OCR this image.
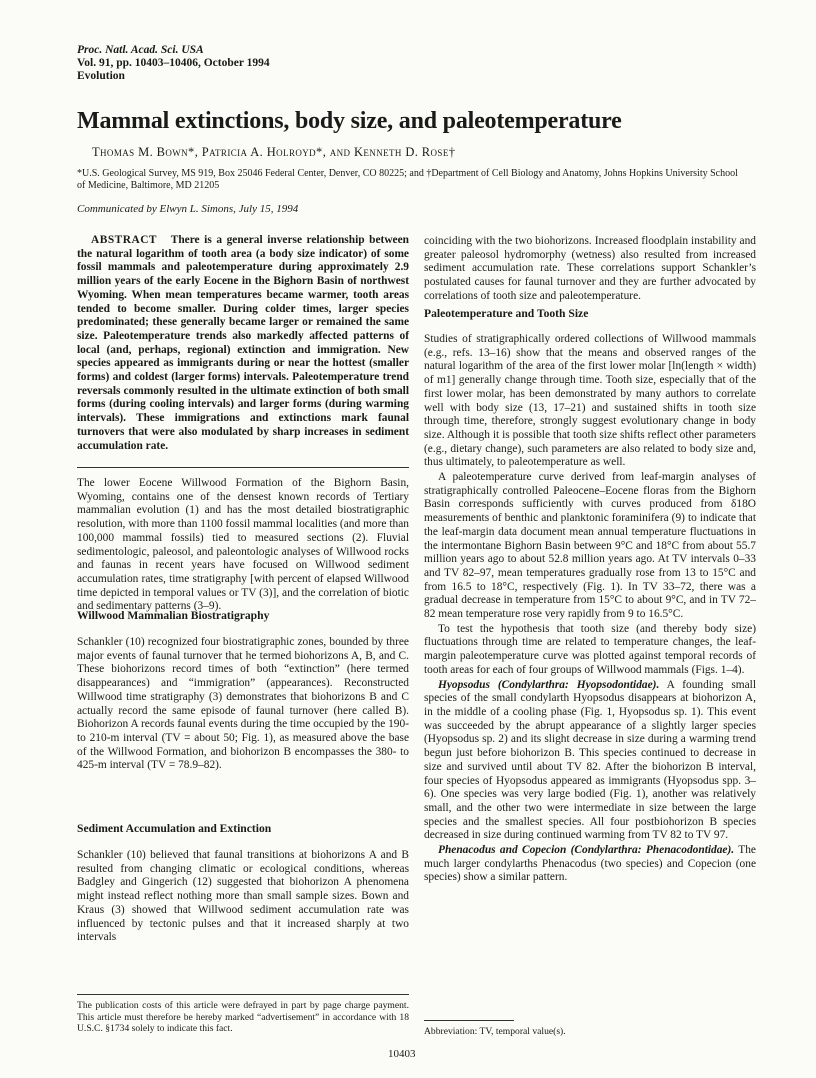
Proc. Natl. Acad. Sci. USA
Vol. 91, pp. 10403–10406, October 1994
Evolution
Mammal extinctions, body size, and paleotemperature
Thomas M. Bown*, Patricia A. Holroyd*, and Kenneth D. Rose†
*U.S. Geological Survey, MS 919, Box 25046 Federal Center, Denver, CO 80225; and †Department of Cell Biology and Anatomy, Johns Hopkins University School of Medicine, Baltimore, MD 21205
Communicated by Elwyn L. Simons, July 15, 1994

ABSTRACT There is a general inverse relationship between the natural logarithm of tooth area (a body size indicator) of some fossil mammals and paleotemperature during approximately 2.9 million years of the early Eocene in the Bighorn Basin of northwest Wyoming. When mean temperatures became warmer, tooth areas tended to become smaller. During colder times, larger species predominated; these generally became larger or remained the same size. Paleotemperature trends also markedly affected patterns of local (and, perhaps, regional) extinction and immigration. New species appeared as immigrants during or near the hottest (smaller forms) and coldest (larger forms) intervals. Paleotemperature trend reversals commonly resulted in the ultimate extinction of both small forms (during cooling intervals) and larger forms (during warming intervals). These immigrations and extinctions mark faunal turnovers that were also modulated by sharp increases in sediment accumulation rate.

The lower Eocene Willwood Formation of the Bighorn Basin, Wyoming, contains one of the densest known records of Tertiary mammalian evolution (1) and has the most detailed biostratigraphic resolution, with more than 1100 fossil mammal localities (and more than 100,000 mammal fossils) tied to measured sections (2). Fluvial sedimentologic, paleosol, and paleontologic analyses of Willwood rocks and faunas in recent years have focused on Willwood sediment accumulation rates, time stratigraphy [with percent of elapsed Willwood time depicted in temporal values or TV (3)], and the correlation of biotic and sedimentary patterns (3–9).

Willwood Mammalian Biostratigraphy

Schankler (10) recognized four biostratigraphic zones, bounded by three major events of faunal turnover that he termed biohorizons A, B, and C. These biohorizons record times of both “extinction” (here termed disappearances) and “immigration” (appearances). Reconstructed Willwood time stratigraphy (3) demonstrates that biohorizons B and C actually record the same episode of faunal turnover (here called B). Biohorizon A records faunal events during the time occupied by the 190- to 210-m interval (TV = about 50; Fig. 1), as measured above the base of the Willwood Formation, and biohorizon B encompasses the 380- to 425-m interval (TV = 78.9–82).

Sediment Accumulation and Extinction

Schankler (10) believed that faunal transitions at biohorizons A and B resulted from changing climatic or ecological conditions, whereas Badgley and Gingerich (12) suggested that biohorizon A phenomena might instead reflect nothing more than small sample sizes. Bown and Kraus (3) showed that Willwood sediment accumulation rate was influenced by tectonic pulses and that it increased sharply at two intervals

The publication costs of this article were defrayed in part by page charge payment. This article must therefore be hereby marked “advertisement” in accordance with 18 U.S.C. §1734 solely to indicate this fact.

coinciding with the two biohorizons. Increased floodplain instability and greater paleosol hydromorphy (wetness) also resulted from increased sediment accumulation rate. These correlations support Schankler’s postulated causes for faunal turnover and they are further advocated by correlations of tooth size and paleotemperature.

Paleotemperature and Tooth Size

Studies of stratigraphically ordered collections of Willwood mammals (e.g., refs. 13–16) show that the means and observed ranges of the natural logarithm of the area of the first lower molar [ln(length × width) of m1] generally change through time. Tooth size, especially that of the first lower molar, has been demonstrated by many authors to correlate well with body size (13, 17–21) and sustained shifts in tooth size through time, therefore, strongly suggest evolutionary change in body size. Although it is possible that tooth size shifts reflect other parameters (e.g., dietary change), such parameters are also related to body size and, thus ultimately, to paleotemperature as well.

A paleotemperature curve derived from leaf-margin analyses of stratigraphically controlled Paleocene–Eocene floras from the Bighorn Basin corresponds sufficiently with curves produced from δ18O measurements of benthic and planktonic foraminifera (9) to indicate that the leaf-margin data document mean annual temperature fluctuations in the intermontane Bighorn Basin between 9°C and 18°C from about 55.7 million years ago to about 52.8 million years ago. At TV intervals 0–33 and TV 82–97, mean temperatures gradually rose from 13 to 15°C and from 16.5 to 18°C, respectively (Fig. 1). In TV 33–72, there was a gradual decrease in temperature from 15°C to about 9°C, and in TV 72–82 mean temperature rose very rapidly from 9 to 16.5°C.

To test the hypothesis that tooth size (and thereby body size) fluctuations through time are related to temperature changes, the leaf-margin paleotemperature curve was plotted against temporal records of tooth areas for each of four groups of Willwood mammals (Figs. 1–4).

Hyopsodus (Condylarthra: Hyopsodontidae). A founding small species of the small condylarth Hyopsodus disappears at biohorizon A, in the middle of a cooling phase (Fig. 1, Hyopsodus sp. 1). This event was succeeded by the abrupt appearance of a slightly larger species (Hyopsodus sp. 2) and its slight decrease in size during a warming trend begun just before biohorizon B. This species continued to decrease in size and survived until about TV 82. After the biohorizon B interval, four species of Hyopsodus appeared as immigrants (Hyopsodus spp. 3–6). One species was very large bodied (Fig. 1), another was relatively small, and the other two were intermediate in size between the large species and the smallest species. All four postbiohorizon B species decreased in size during continued warming from TV 82 to TV 97.

Phenacodus and Copecion (Condylarthra: Phenacodontidae). The much larger condylarths Phenacodus (two species) and Copecion (one species) show a similar pattern.

Abbreviation: TV, temporal value(s).
10403
